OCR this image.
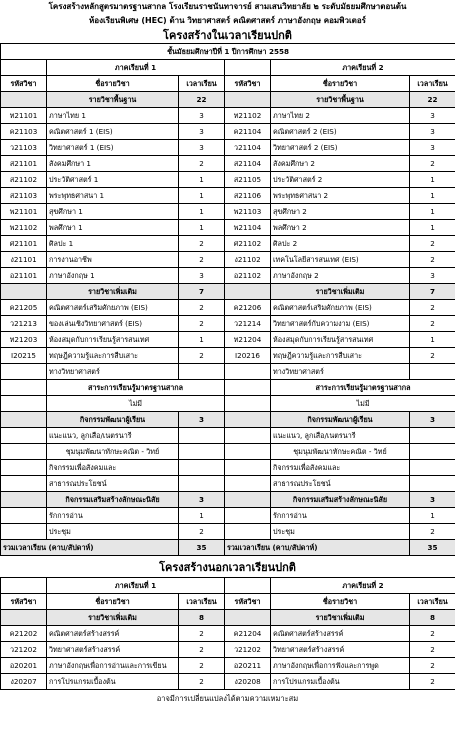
โครงสร้างหลักสูตรมาตรฐานสากล โรงเรียนราชนันทาจารย์ สามเสนวิทยาลัย ๒ ระดับมัธยมศึกษาตอนต้น
ห้องเรียนพิเศษ (HEC) ด้าน วิทยาศาสตร์ คณิตศาสตร์ ภาษาอังกฤษ คอมพิวเตอร์
โครงสร้างในเวลาเรียนปกติ
ชั้นมัธยมศึกษาปีที่ 1 ปีการศึกษา 2558					
	ภาคเรียนที่ 1			ภาคเรียนที่ 2	
รหัสวิชา	ชื่อรายวิชา	เวลาเรียน	รหัสวิชา	ชื่อรายวิชา	เวลาเรียน
	รายวิชาพื้นฐาน	22		รายวิชาพื้นฐาน	22
ท21101	ภาษาไทย 1	3	ท21102	ภาษาไทย 2	3
ค21103	คณิตศาสตร์ 1 (EIS)	3	ค21104	คณิตศาสตร์ 2 (EIS)	3
ว21103	วิทยาศาสตร์ 1 (EIS)	3	ว21104	วิทยาศาสตร์ 2 (EIS)	3
ส21101	สังคมศึกษา 1	2	ส21104	สังคมศึกษา 2	2
ส21102	ประวัติศาสตร์ 1	1	ส21105	ประวัติศาสตร์ 2	1
ส21103	พระพุทธศาสนา 1	1	ส21106	พระพุทธศาสนา 2	1
พ21101	สุขศึกษา 1	1	พ21103	สุขศึกษา 2	1
พ21102	พลศึกษา 1	1	พ21104	พลศึกษา 2	1
ศ21101	ศิลปะ 1	2	ศ21102	ศิลปะ 2	2
ง21101	การงานอาชีพ	2	ง21102	เทคโนโลยีสารสนเทศ (EIS)	2
อ21101	ภาษาอังกฤษ 1	3	อ21102	ภาษาอังกฤษ 2	3
	รายวิชาเพิ่มเติม	7		รายวิชาเพิ่มเติม	7
ค21205	คณิตศาสตร์เสริมศักยภาพ (EIS)	2	ค21206	คณิตศาสตร์เสริมศักยภาพ (EIS)	2
ว21213	ของเล่นเชิงวิทยาศาสตร์ (EIS)	2	ว21214	วิทยาศาสตร์กับความงาม (EIS)	2
ท21203	ห้องสมุดกับการเรียนรู้สารสนเทศ	1	ท21204	ห้องสมุดกับการเรียนรู้สารสนเทศ	1
I20215	ทฤษฎีความรู้และการสืบเสาะ	2	I20216	ทฤษฎีความรู้และการสืบเสาะ	2
	ทางวิทยาศาสตร์			ทางวิทยาศาสตร์	
	สาระการเรียนรู้มาตรฐานสากล			สาระการเรียนรู้มาตรฐานสากล	
	ไม่มี			ไม่มี	
	กิจกรรมพัฒนาผู้เรียน	3		กิจกรรมพัฒนาผู้เรียน	3
	แนะแนว, ลูกเสือ/เนตรนารี			แนะแนว, ลูกเสือ/เนตรนารี	
	ชุมนุมพัฒนาทักษะคณิต - วิทย์			ชุมนุมพัฒนาทักษะคณิต - วิทย์	
	กิจกรรมเพื่อสังคมและ			กิจกรรมเพื่อสังคมและ	
	สาธารณประโยชน์			สาธารณประโยชน์	
	กิจกรรมเสริมสร้างลักษณะนิสัย	3		กิจกรรมเสริมสร้างลักษณะนิสัย	3
	รักการอ่าน	1		รักการอ่าน	1
	ประชุม	2		ประชุม	2
รวมเวลาเรียน (คาบ/สัปดาห์)		35	รวมเวลาเรียน (คาบ/สัปดาห์)		35
โครงสร้างนอกเวลาเรียนปกติ
	ภาคเรียนที่ 1			ภาคเรียนที่ 2	
รหัสวิชา	ชื่อรายวิชา	เวลาเรียน	รหัสวิชา	ชื่อรายวิชา	เวลาเรียน
	รายวิชาเพิ่มเติม	8		รายวิชาเพิ่มเติม	8
ค21202	คณิตศาสตร์สร้างสรรค์	2	ค21204	คณิตศาสตร์สร้างสรรค์	2
ว21202	วิทยาศาสตร์สร้างสรรค์	2	ว21202	วิทยาศาสตร์สร้างสรรค์	2
อ20201	ภาษาอังกฤษเพื่อการอ่านและการเขียน	2	อ20211	ภาษาอังกฤษเพื่อการฟังและการพูด	2
ง20207	การโปรแกรมเบื้องต้น	2	ง20208	การโปรแกรมเบื้องต้น	2
อาจมีการเปลี่ยนแปลงได้ตามความเหมาะสม
